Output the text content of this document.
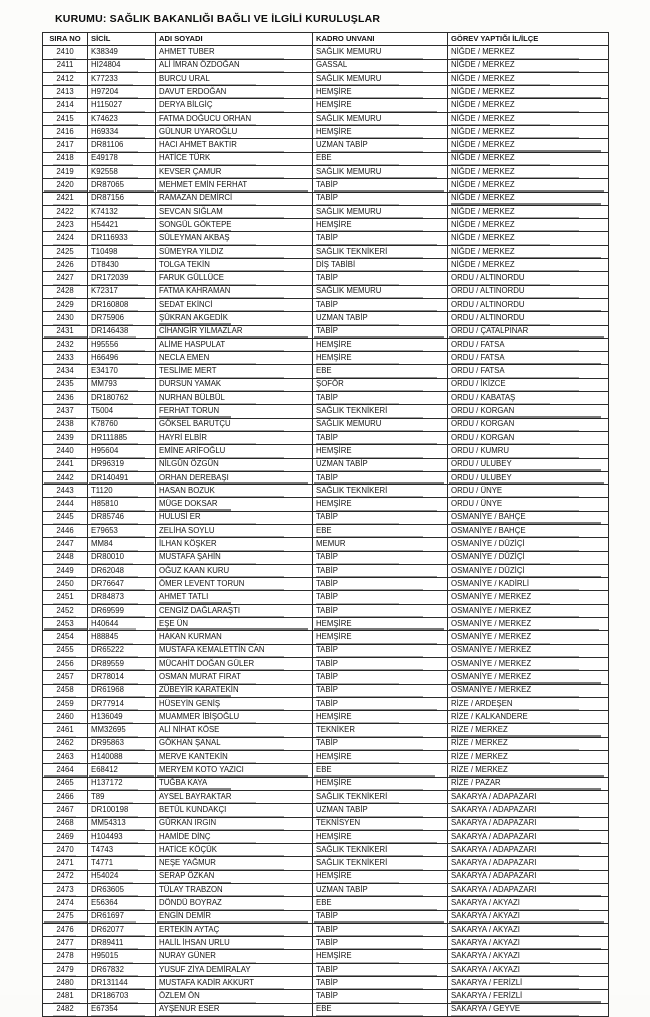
KURUMU: SAĞLIK BAKANLIĞI BAĞLI VE İLGİLİ KURULUŞLAR
SIRA NO	SİCİL	ADI SOYADI	KADRO UNVANI	GÖREV YAPTIĞI İL/İLÇE
2410	K38349	AHMET TUBER	SAĞLIK MEMURU	NİĞDE / MERKEZ
2411	HI24804	ALİ İMRAN ÖZDOĞAN	GASSAL	NİĞDE / MERKEZ
2412	K77233	BURCU URAL	SAĞLIK MEMURU	NİĞDE / MERKEZ
2413	H97204	DAVUT ERDOĞAN	HEMŞİRE	NİĞDE / MERKEZ
2414	H115027	DERYA BİLGİÇ	HEMŞİRE	NİĞDE / MERKEZ
2415	K74623	FATMA DOĞUCU ORHAN	SAĞLIK MEMURU	NİĞDE / MERKEZ
2416	H69334	GÜLNUR UYAROĞLU	HEMŞİRE	NİĞDE / MERKEZ
2417	DR81106	HACI AHMET BAKTIR	UZMAN TABİP	NİĞDE / MERKEZ
2418	E49178	HATİCE TÜRK	EBE	NİĞDE / MERKEZ
2419	K92558	KEVSER ÇAMUR	SAĞLIK MEMURU	NİĞDE / MERKEZ
2420	DR87065	MEHMET EMİN FERHAT	TABİP	NİĞDE / MERKEZ
2421	DR87156	RAMAZAN DEMİRCİ	TABİP	NİĞDE / MERKEZ
2422	K74132	SEVCAN SIĞLAM	SAĞLIK MEMURU	NİĞDE / MERKEZ
2423	H54421	SONGÜL GÖKTEPE	HEMŞİRE	NİĞDE / MERKEZ
2424	DR116933	SÜLEYMAN AKBAŞ	TABİP	NİĞDE / MERKEZ
2425	T10498	SÜMEYRA YILDIZ	SAĞLIK TEKNİKERİ	NİĞDE / MERKEZ
2426	DT8430	TOLGA TEKİN	DİŞ TABİBİ	NİĞDE / MERKEZ
2427	DR172039	FARUK GÜLLÜCE	TABİP	ORDU / ALTINORDU
2428	K72317	FATMA KAHRAMAN	SAĞLIK MEMURU	ORDU / ALTINORDU
2429	DR160808	SEDAT EKİNCİ	TABİP	ORDU / ALTINORDU
2430	DR75906	ŞÜKRAN AKGEDİK	UZMAN TABİP	ORDU / ALTINORDU
2431	DR146438	CİHANGİR YILMAZLAR	TABİP	ORDU / ÇATALPINAR
2432	H95556	ALİME HASPULAT	HEMŞİRE	ORDU / FATSA
2433	H66496	NECLA EMEN	HEMŞİRE	ORDU / FATSA
2434	E34170	TESLİME MERT	EBE	ORDU / FATSA
2435	MM793	DURSUN YAMAK	ŞOFÖR	ORDU / İKİZCE
2436	DR180762	NURHAN BÜLBÜL	TABİP	ORDU / KABATAŞ
2437	T5004	FERHAT TORUN	SAĞLIK TEKNİKERİ	ORDU / KORGAN
2438	K78760	GÖKSEL BARUTÇU	SAĞLIK MEMURU	ORDU / KORGAN
2439	DR111885	HAYRİ ELBİR	TABİP	ORDU / KORGAN
2440	H95604	EMİNE ARİFOĞLU	HEMŞİRE	ORDU / KUMRU
2441	DR96319	NİLGÜN ÖZGÜN	UZMAN TABİP	ORDU / ULUBEY
2442	DR140491	ORHAN DEREBAŞI	TABİP	ORDU / ULUBEY
2443	T1120	HASAN BOZUK	SAĞLIK TEKNİKERİ	ORDU / ÜNYE
2444	H85810	MÜGE DOKSAR	HEMŞİRE	ORDU / ÜNYE
2445	DR85746	HULUSİ ER	TABİP	OSMANİYE / BAHÇE
2446	E79653	ZELİHA SOYLU	EBE	OSMANİYE / BAHÇE
2447	MM84	İLHAN KÖŞKER	MEMUR	OSMANİYE / DÜZİÇİ
2448	DR80010	MUSTAFA ŞAHİN	TABİP	OSMANİYE / DÜZİÇİ
2449	DR62048	OĞUZ KAAN KURU	TABİP	OSMANİYE / DÜZİÇİ
2450	DR76647	ÖMER LEVENT TORUN	TABİP	OSMANİYE / KADİRLİ
2451	DR84873	AHMET TATLI	TABİP	OSMANİYE / MERKEZ
2452	DR69599	CENGİZ DAĞLARAŞTI	TABİP	OSMANİYE / MERKEZ
2453	H40644	EŞE ÜN	HEMŞİRE	OSMANİYE / MERKEZ
2454	H88845	HAKAN KURMAN	HEMŞİRE	OSMANİYE / MERKEZ
2455	DR65222	MUSTAFA KEMALETTİN CAN	TABİP	OSMANİYE / MERKEZ
2456	DR89559	MÜCAHİT DOĞAN GÜLER	TABİP	OSMANİYE / MERKEZ
2457	DR78014	OSMAN MURAT FIRAT	TABİP	OSMANİYE / MERKEZ
2458	DR61968	ZÜBEYİR KARATEKİN	TABİP	OSMANİYE / MERKEZ
2459	DR77914	HÜSEYİN GENİŞ	TABİP	RİZE / ARDEŞEN
2460	H136049	MUAMMER İBİŞOĞLU	HEMŞİRE	RİZE / KALKANDERE
2461	MM32695	ALİ NİHAT KÖSE	TEKNİKER	RİZE / MERKEZ
2462	DR95863	GÖKHAN ŞANAL	TABİP	RİZE / MERKEZ
2463	H140088	MERVE KANTEKİN	HEMŞİRE	RİZE / MERKEZ
2464	E68412	MERYEM KOTO YAZICI	EBE	RİZE / MERKEZ
2465	H137172	TUĞBA KAYA	HEMŞİRE	RİZE / PAZAR
2466	T89	AYSEL BAYRAKTAR	SAĞLIK TEKNİKERİ	SAKARYA / ADAPAZARI
2467	DR100198	BETÜL KUNDAKÇI	UZMAN TABİP	SAKARYA / ADAPAZARI
2468	MM54313	GÜRKAN IRGIN	TEKNİSYEN	SAKARYA / ADAPAZARI
2469	H104493	HAMİDE DİNÇ	HEMŞİRE	SAKARYA / ADAPAZARI
2470	T4743	HATİCE KÖÇÜK	SAĞLIK TEKNİKERİ	SAKARYA / ADAPAZARI
2471	T4771	NEŞE YAĞMUR	SAĞLIK TEKNİKERİ	SAKARYA / ADAPAZARI
2472	H54024	SERAP ÖZKAN	HEMŞİRE	SAKARYA / ADAPAZARI
2473	DR63605	TÜLAY TRABZON	UZMAN TABİP	SAKARYA / ADAPAZARI
2474	E56364	DÖNDÜ BOYRAZ	EBE	SAKARYA / AKYAZI
2475	DR61697	ENGİN DEMİR	TABİP	SAKARYA / AKYAZI
2476	DR62077	ERTEKİN AYTAÇ	TABİP	SAKARYA / AKYAZI
2477	DR89411	HALİL İHSAN URLU	TABİP	SAKARYA / AKYAZI
2478	H95015	NURAY GÜNER	HEMŞİRE	SAKARYA / AKYAZI
2479	DR67832	YUSUF ZİYA DEMİRALAY	TABİP	SAKARYA / AKYAZI
2480	DR131144	MUSTAFA KADİR AKKURT	TABİP	SAKARYA / FERİZLİ
2481	DR186703	ÖZLEM ÖN	TABİP	SAKARYA / FERİZLİ
2482	E67354	AYŞENUR ESER	EBE	SAKARYA / GEYVE
